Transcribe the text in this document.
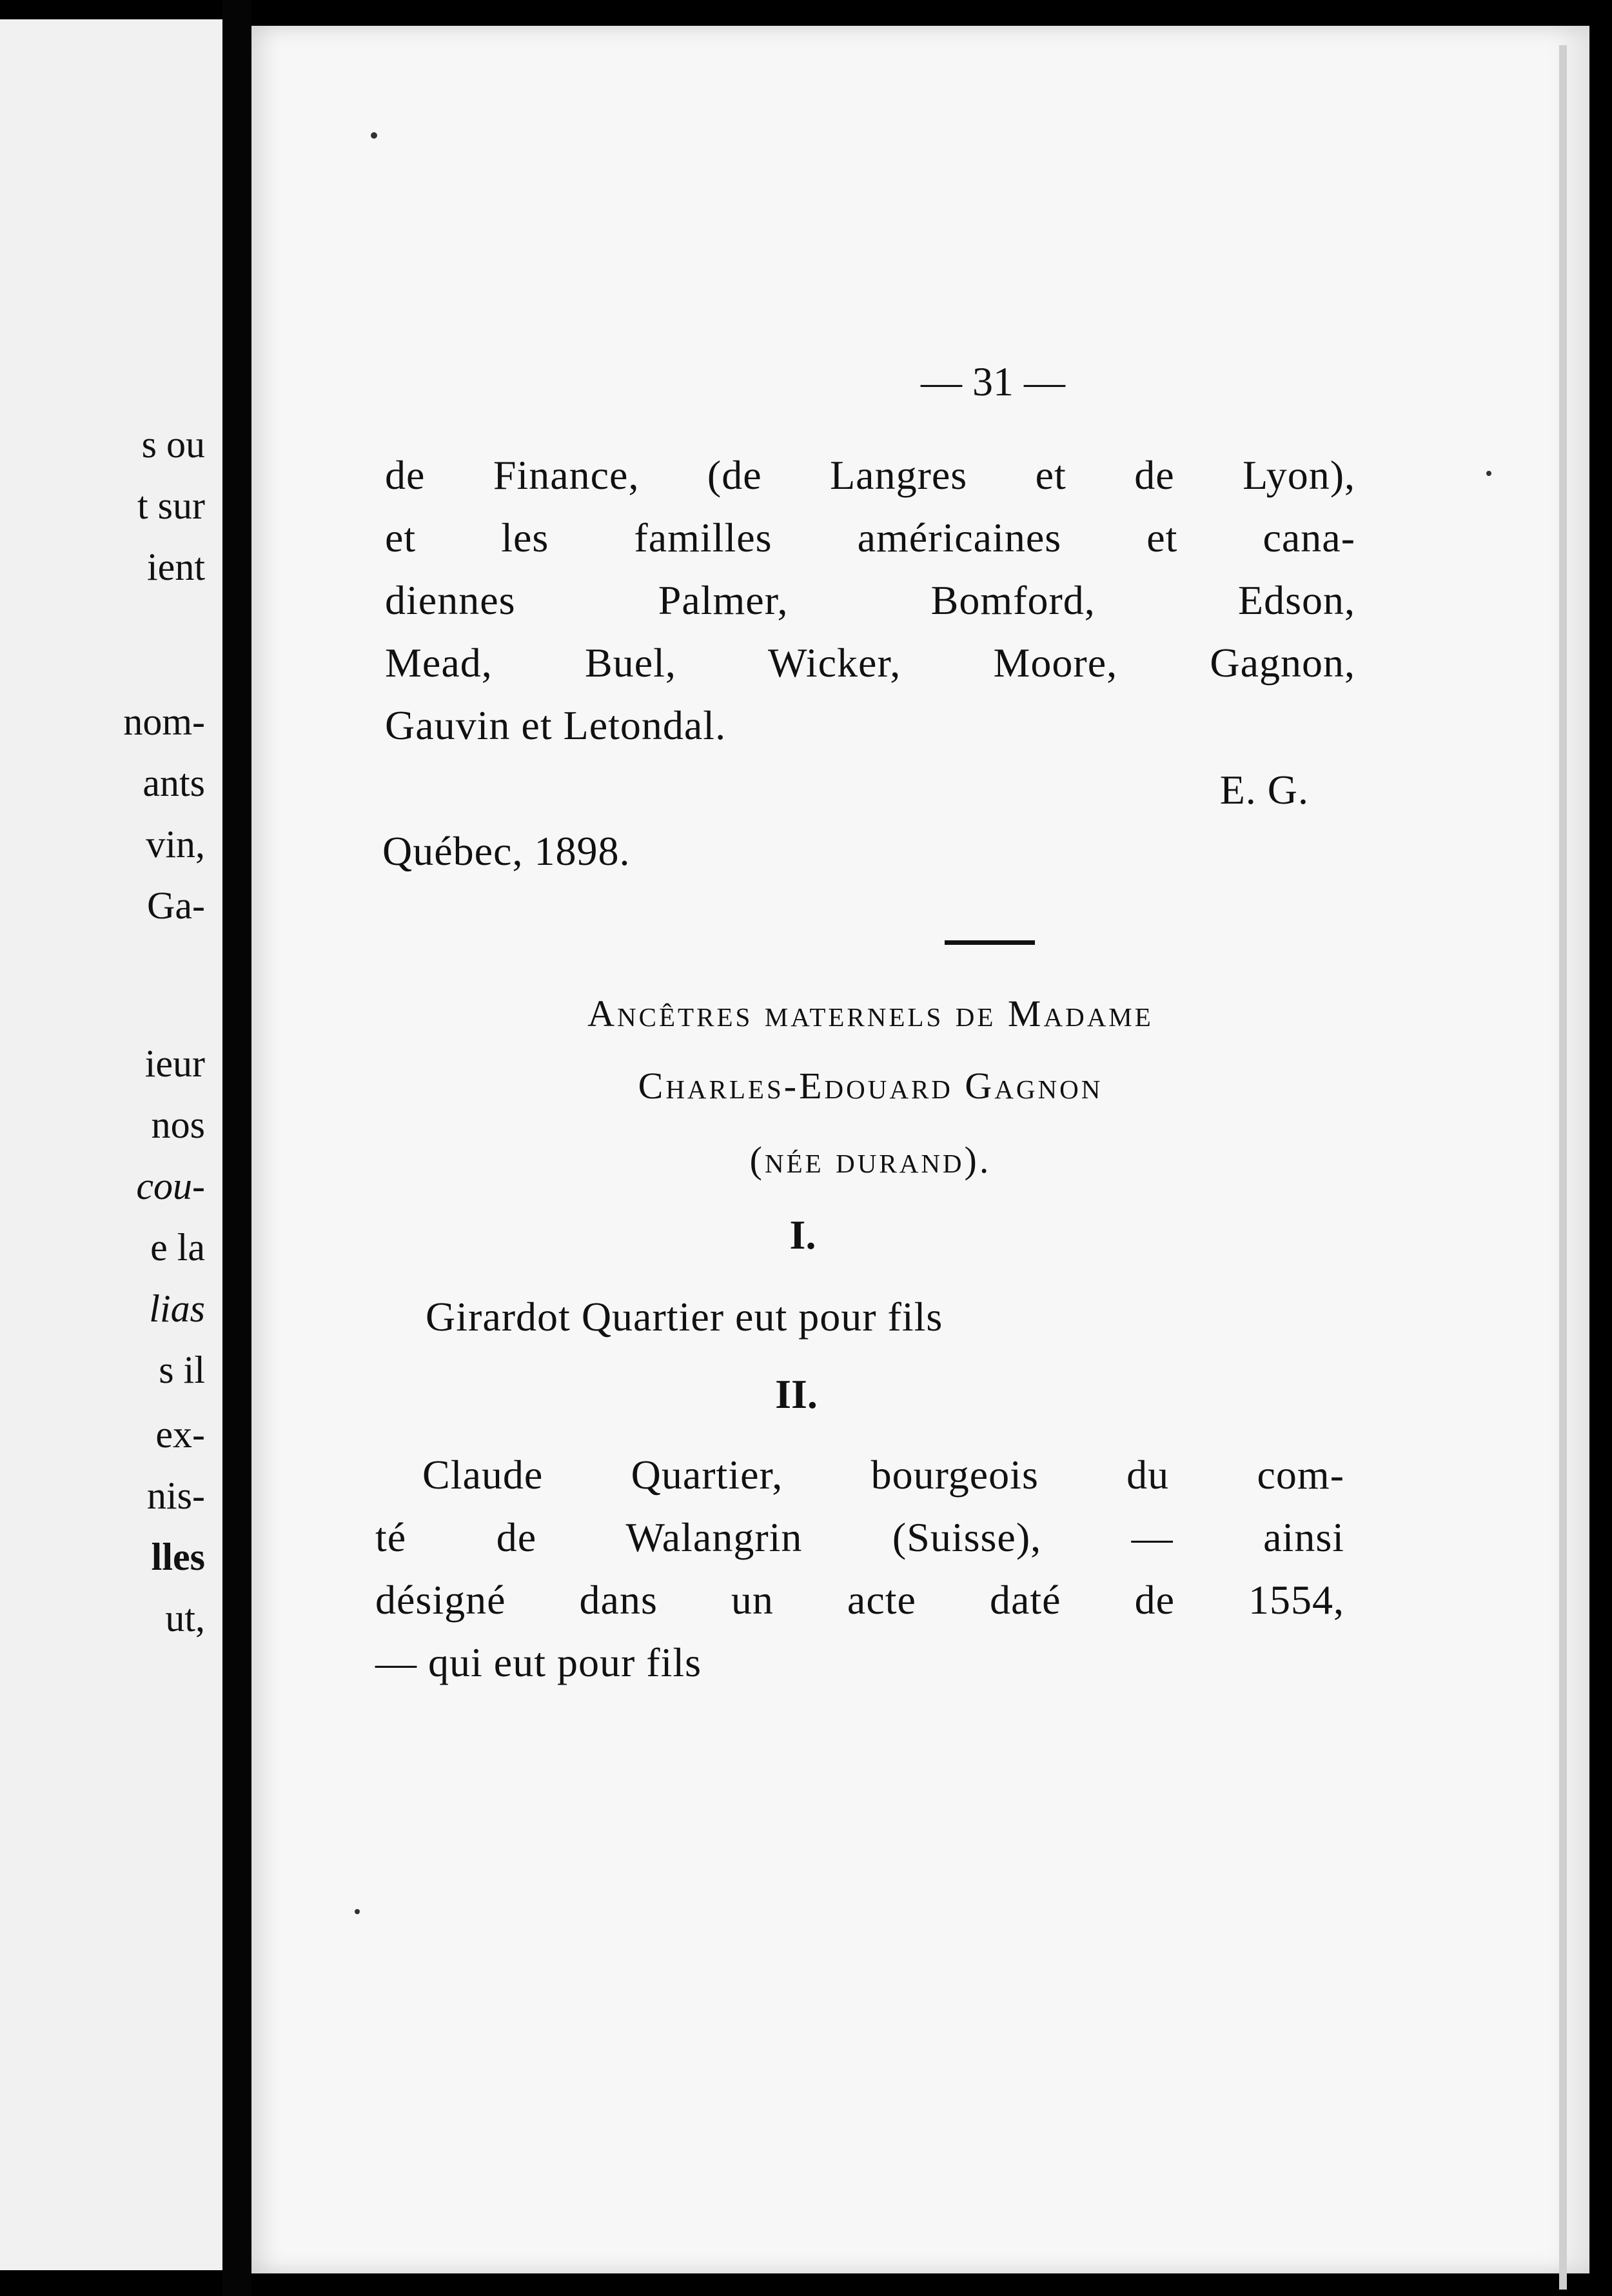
s ou
t sur
ient
nom-
ants
vin,
Ga-
ieur
nos
cou-
e la
lias
s il
ex-
nis-
lles
ut,
— 31 —
de Finance, (de Langres et de Lyon),
et les familles américaines et cana-
diennes Palmer, Bomford, Edson,
Mead, Buel, Wicker, Moore, Gagnon,
Gauvin et Letondal.
E. G.
Québec, 1898.
Ancêtres maternels de Madame
Charles-Edouard Gagnon
(née durand).
I.
Girardot Quartier eut pour fils
II.
Claude Quartier, bourgeois du com-
té de Walangrin (Suisse), — ainsi
désigné dans un acte daté de 1554,
— qui eut pour fils
